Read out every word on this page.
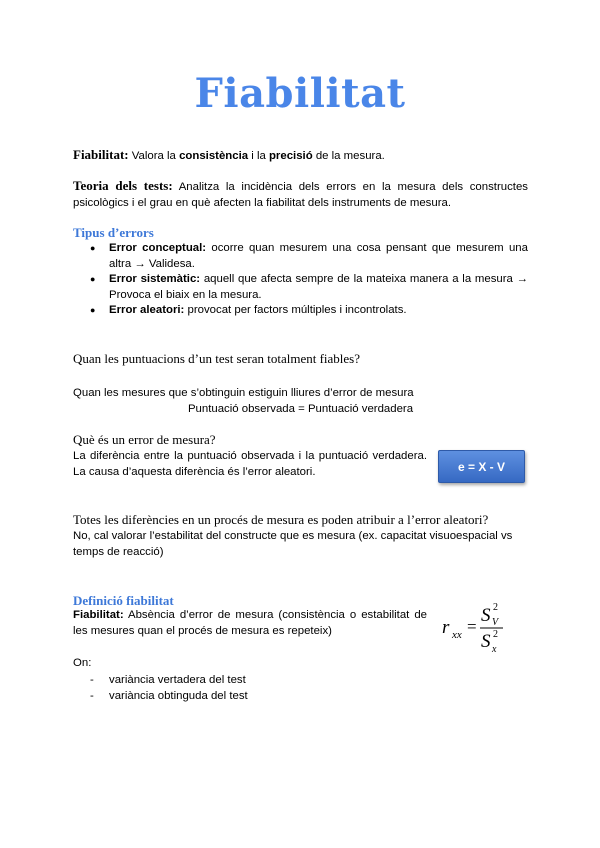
Fiabilitat
Fiabilitat: Valora la consistència i la precisió de la mesura.
Teoria dels tests: Analitza la incidència dels errors en la mesura dels constructes psicològics i el grau en què afecten la fiabilitat dels instruments de mesura.
Tipus d’errors
● Error conceptual: ocorre quan mesurem una cosa pensant que mesurem una altra → Validesa.
● Error sistemàtic: aquell que afecta sempre de la mateixa manera a la mesura → Provoca el biaix en la mesura.
● Error aleatori: provocat per factors múltiples i incontrolats.
Quan les puntuacions d’un test seran totalment fiables?
Quan les mesures que s’obtinguin estiguin lliures d’error de mesura
Puntuació observada = Puntuació verdadera
Què és un error de mesura?
La diferència entre la puntuació observada i la puntuació verdadera. La causa d’aquesta diferència és l’error aleatori.	e = X - V
Totes les diferències en un procés de mesura es poden atribuir a l’error aleatori?
No, cal valorar l’estabilitat del constructe que es mesura (ex. capacitat visuoespacial vs temps de reacció)
Definició fiabilitat
Fiabilitat: Absència d’error de mesura (consistència o estabilitat de les mesures quan el procés de mesura es repeteix)	r xx =
S V
2
S x
2
On:
- variància vertadera del test
- variància obtinguda del test
